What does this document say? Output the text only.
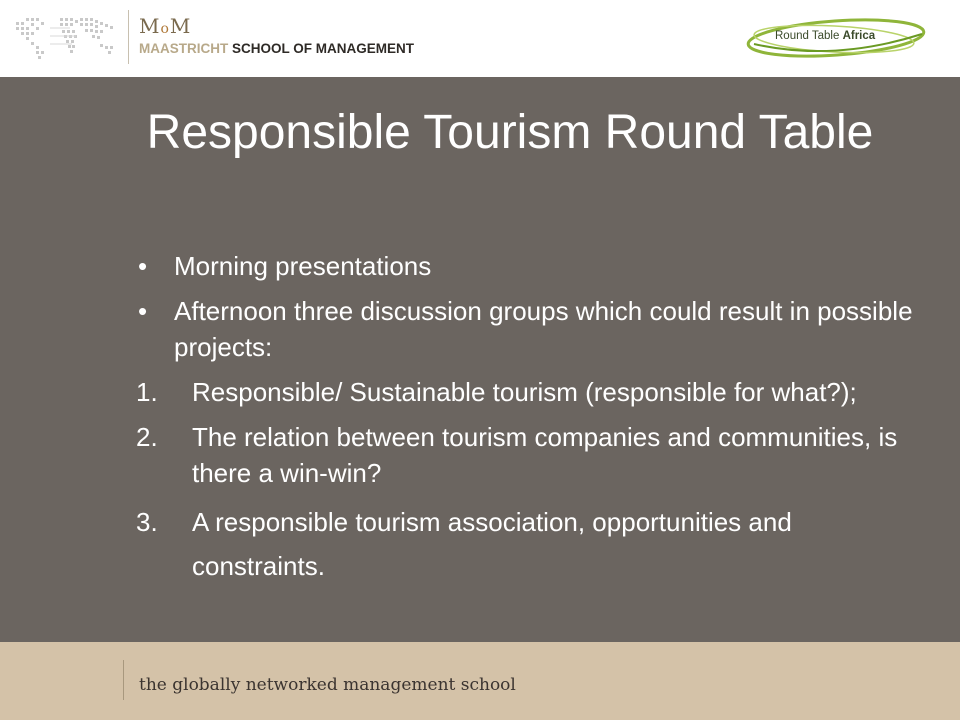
MoM
MAASTRICHT SCHOOL OF MANAGEMENT
Round Table Africa
Responsible Tourism Round Table
• Morning presentations
• Afternoon three discussion groups which could result in possible projects:
1. Responsible/ Sustainable tourism (responsible for what?);
2. The relation between tourism companies and communities, is there a win-win?
3. A responsible tourism association, opportunities and constraints.
the globally networked management school
